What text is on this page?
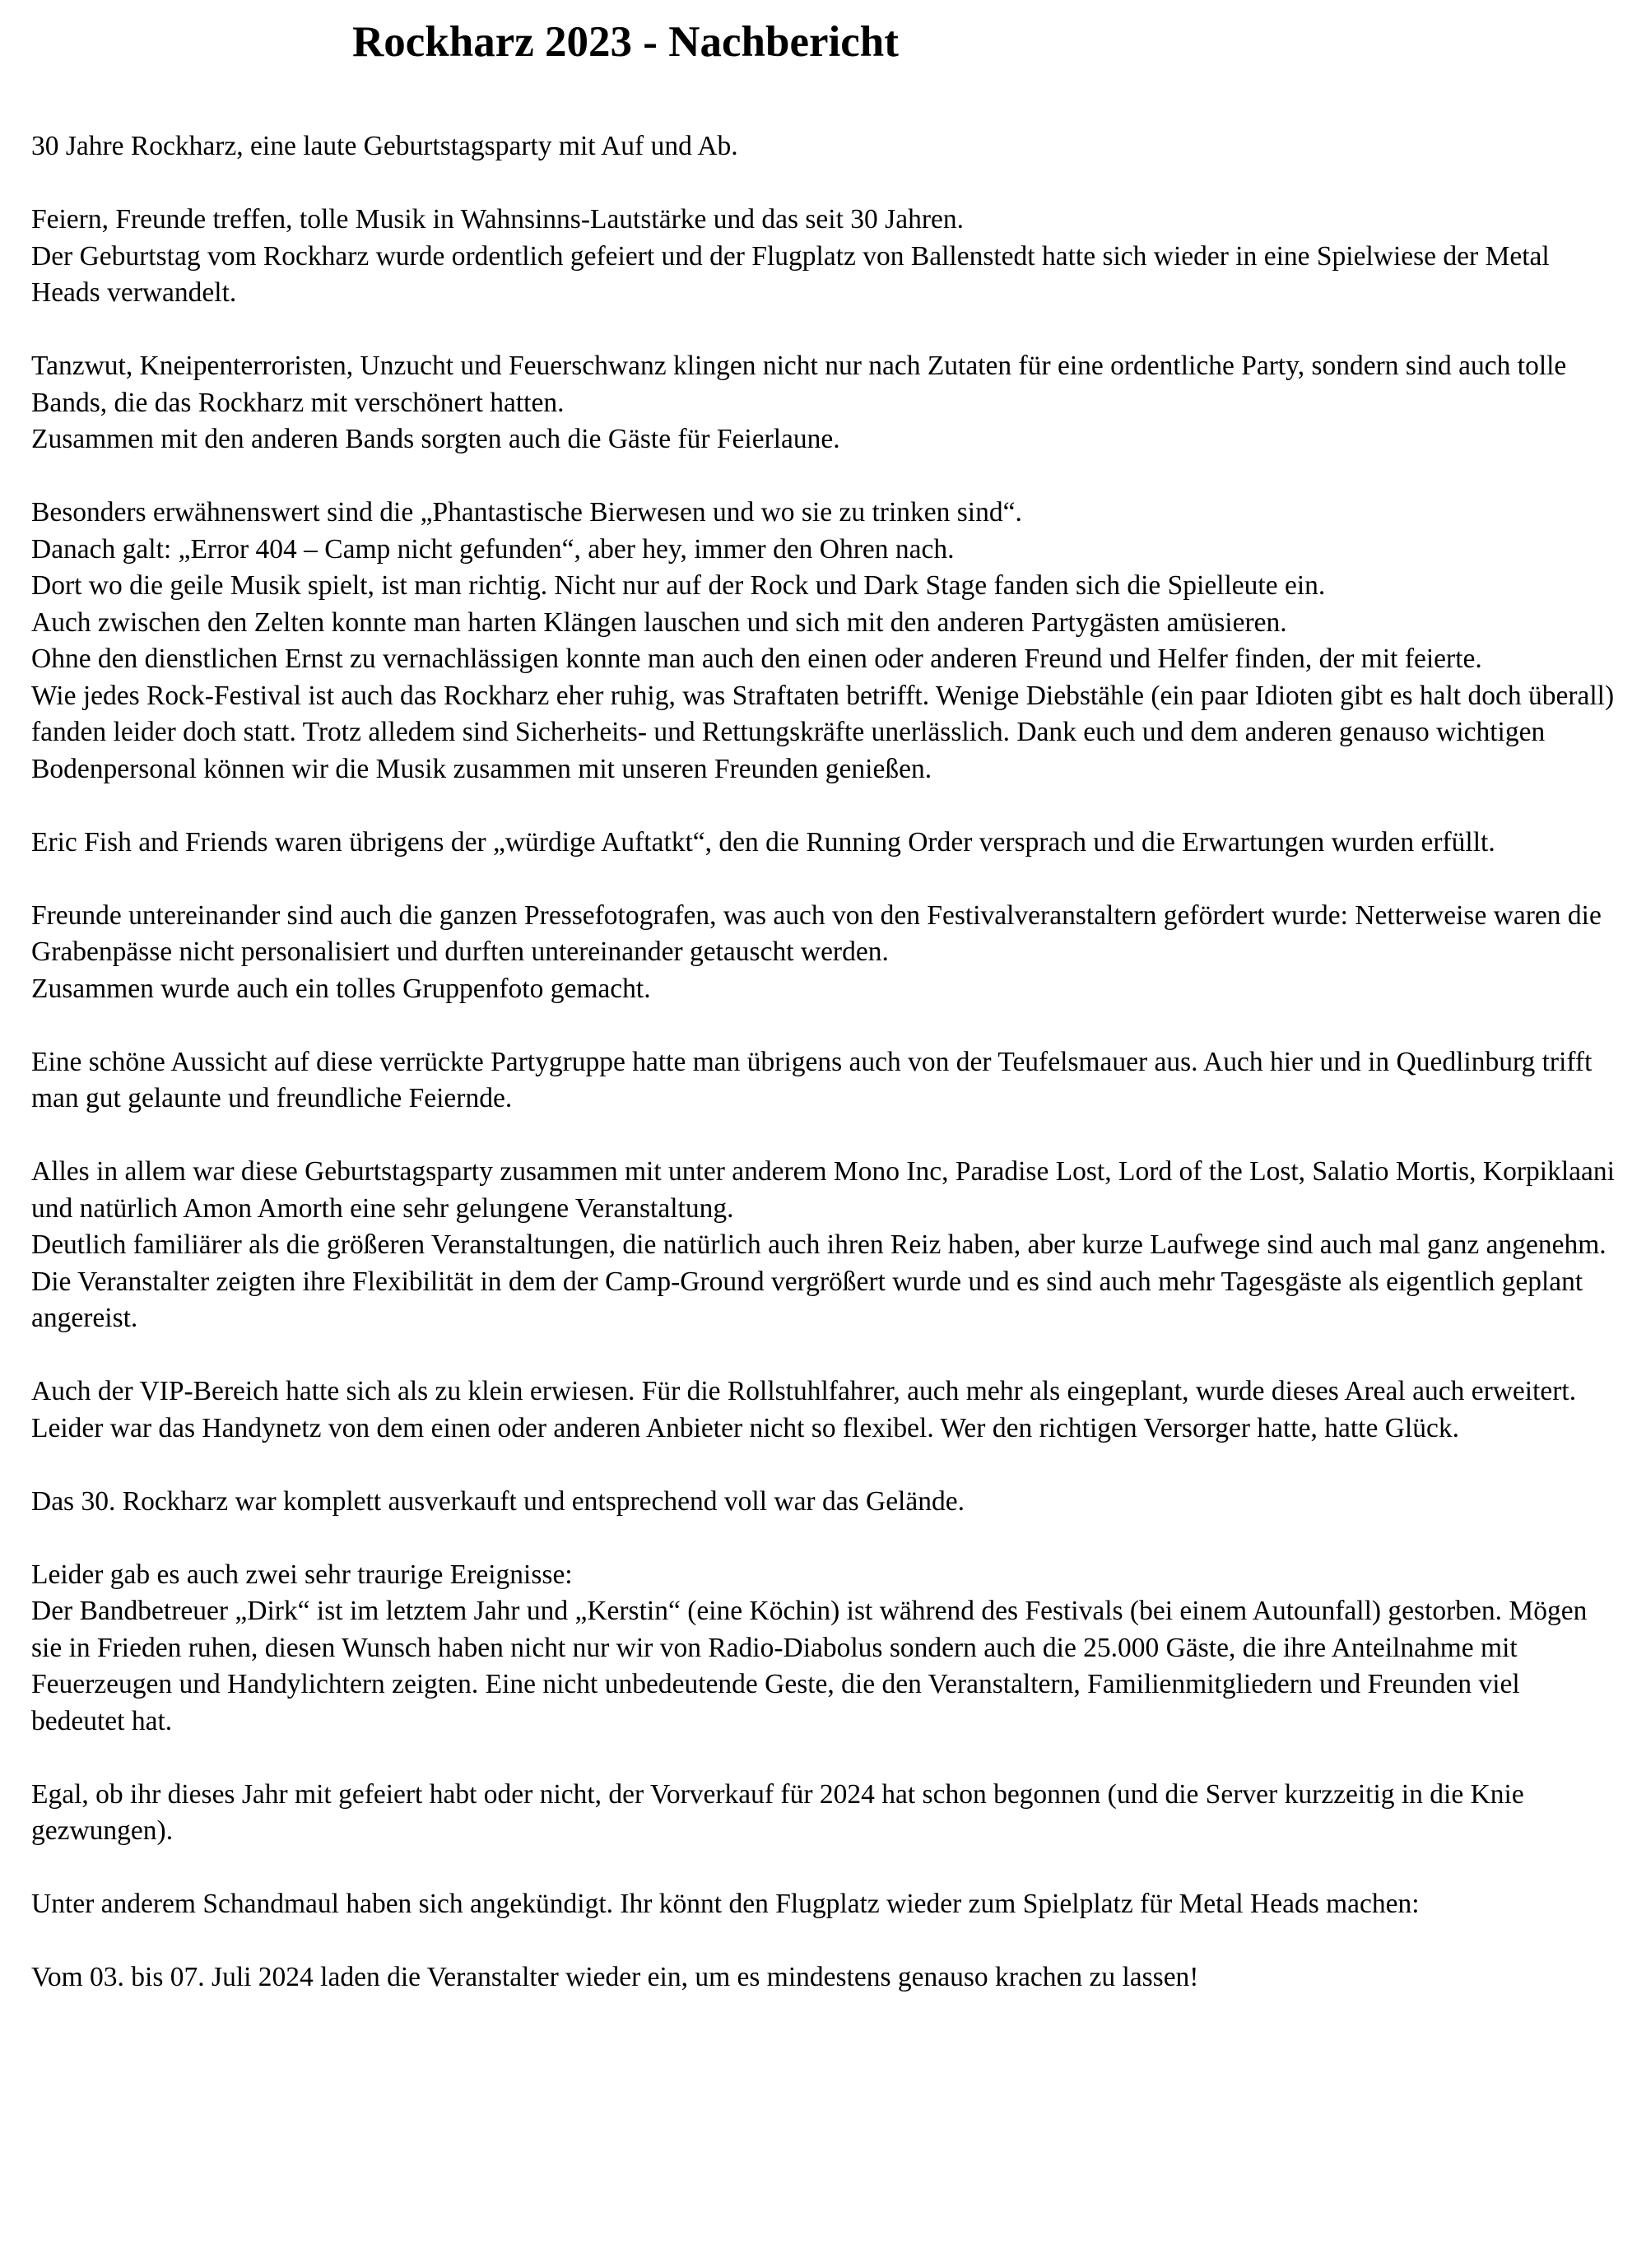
Rockharz 2023 - Nachbericht

30 Jahre Rockharz, eine laute Geburtstagsparty mit Auf und Ab.

Feiern, Freunde treffen, tolle Musik in Wahnsinns-Lautstärke und das seit 30 Jahren.
Der Geburtstag vom Rockharz wurde ordentlich gefeiert und der Flugplatz von Ballenstedt hatte sich wieder in eine Spielwiese der Metal Heads verwandelt.

Tanzwut, Kneipenterroristen, Unzucht und Feuerschwanz klingen nicht nur nach Zutaten für eine ordentliche Party, sondern sind auch tolle Bands, die das Rockharz mit verschönert hatten.
Zusammen mit den anderen Bands sorgten auch die Gäste für Feierlaune.

Besonders erwähnenswert sind die „Phantastische Bierwesen und wo sie zu trinken sind“.
Danach galt: „Error 404 – Camp nicht gefunden“, aber hey, immer den Ohren nach.
Dort wo die geile Musik spielt, ist man richtig. Nicht nur auf der Rock und Dark Stage fanden sich die Spielleute ein.
Auch zwischen den Zelten konnte man harten Klängen lauschen und sich mit den anderen Partygästen amüsieren.
Ohne den dienstlichen Ernst zu vernachlässigen konnte man auch den einen oder anderen Freund und Helfer finden, der mit feierte.
Wie jedes Rock-Festival ist auch das Rockharz eher ruhig, was Straftaten betrifft. Wenige Diebstähle (ein paar Idioten gibt es halt doch überall) fanden leider doch statt. Trotz alledem sind Sicherheits- und Rettungskräfte unerlässlich. Dank euch und dem anderen genauso wichtigen Bodenpersonal können wir die Musik zusammen mit unseren Freunden genießen.

Eric Fish and Friends waren übrigens der „würdige Auftatkt“, den die Running Order versprach und die Erwartungen wurden erfüllt.

Freunde untereinander sind auch die ganzen Pressefotografen, was auch von den Festivalveranstaltern gefördert wurde: Netterweise waren die Grabenpässe nicht personalisiert und durften untereinander getauscht werden.
Zusammen wurde auch ein tolles Gruppenfoto gemacht.

Eine schöne Aussicht auf diese verrückte Partygruppe hatte man übrigens auch von der Teufelsmauer aus. Auch hier und in Quedlinburg trifft man gut gelaunte und freundliche Feiernde.

Alles in allem war diese Geburtstagsparty zusammen mit unter anderem Mono Inc, Paradise Lost, Lord of the Lost, Salatio Mortis, Korpiklaani und natürlich Amon Amorth eine sehr gelungene Veranstaltung.
Deutlich familiärer als die größeren Veranstaltungen, die natürlich auch ihren Reiz haben, aber kurze Laufwege sind auch mal ganz angenehm.
Die Veranstalter zeigten ihre Flexibilität in dem der Camp-Ground vergrößert wurde und es sind auch mehr Tagesgäste als eigentlich geplant angereist.

Auch der VIP-Bereich hatte sich als zu klein erwiesen. Für die Rollstuhlfahrer, auch mehr als eingeplant, wurde dieses Areal auch erweitert.
Leider war das Handynetz von dem einen oder anderen Anbieter nicht so flexibel. Wer den richtigen Versorger hatte, hatte Glück.

Das 30. Rockharz war komplett ausverkauft und entsprechend voll war das Gelände.

Leider gab es auch zwei sehr traurige Ereignisse:
Der Bandbetreuer „Dirk“ ist im letztem Jahr und „Kerstin“ (eine Köchin) ist während des Festivals (bei einem Autounfall) gestorben. Mögen sie in Frieden ruhen, diesen Wunsch haben nicht nur wir von Radio-Diabolus sondern auch die 25.000 Gäste, die ihre Anteilnahme mit Feuerzeugen und Handylichtern zeigten. Eine nicht unbedeutende Geste, die den Veranstaltern, Familienmitgliedern und Freunden viel bedeutet hat.

Egal, ob ihr dieses Jahr mit gefeiert habt oder nicht, der Vorverkauf für 2024 hat schon begonnen (und die Server kurzzeitig in die Knie gezwungen).

Unter anderem Schandmaul haben sich angekündigt. Ihr könnt den Flugplatz wieder zum Spielplatz für Metal Heads machen:

Vom 03. bis 07. Juli 2024 laden die Veranstalter wieder ein, um es mindestens genauso krachen zu lassen!
